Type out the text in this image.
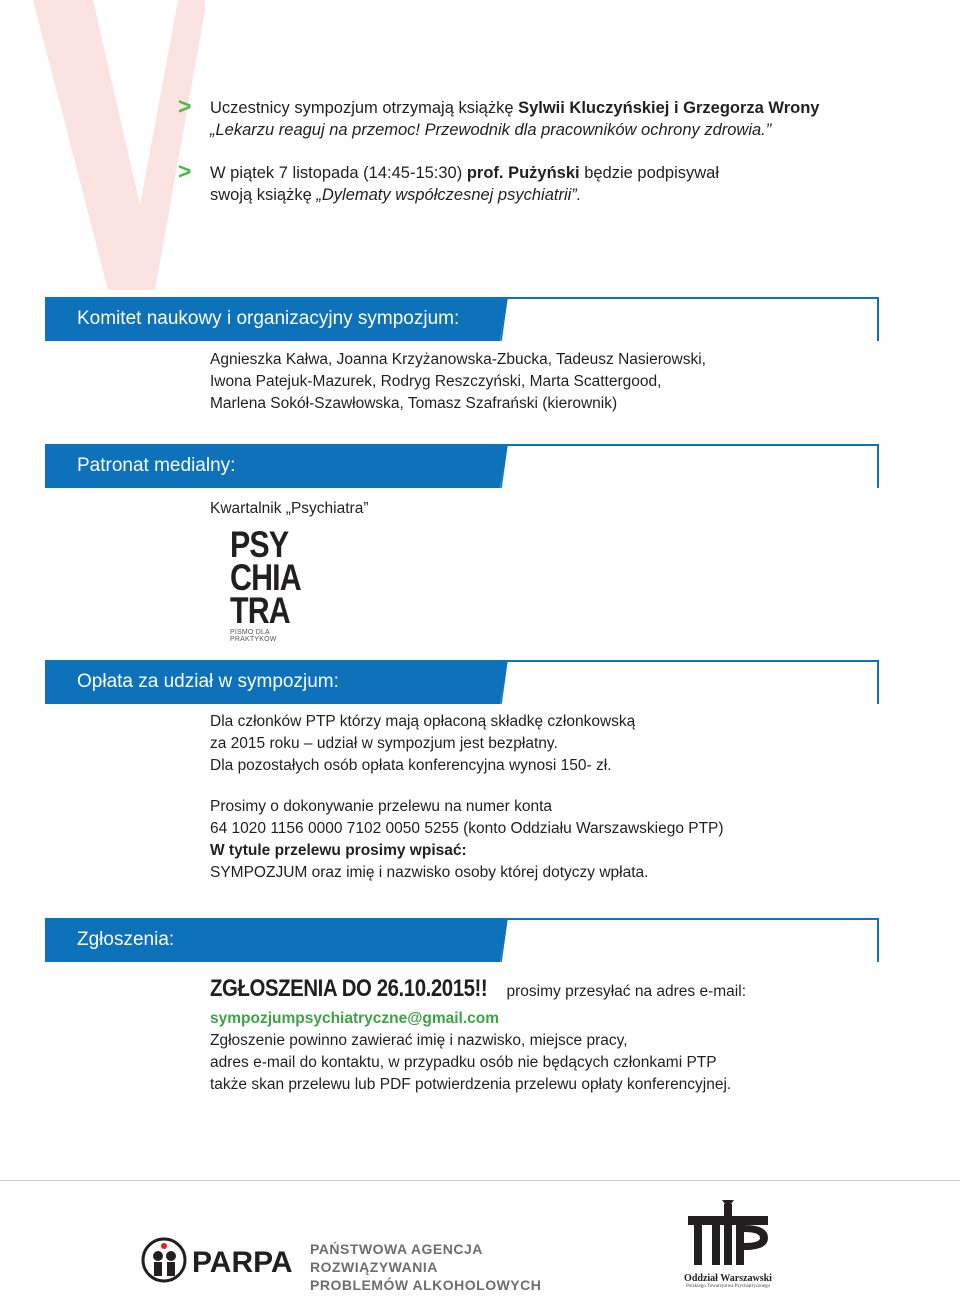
> Uczestnicy sympozjum otrzymają książkę Sylwii Kluczyńskiej i Grzegorza Wrony
„Lekarzu reaguj na przemoc! Przewodnik dla pracowników ochrony zdrowia.”
> W piątek 7 listopada (14:45-15:30) prof. Pużyński będzie podpisywał
swoją książkę „Dylematy współczesnej psychiatrii”.
Komitet naukowy i organizacyjny sympozjum:
Agnieszka Kałwa, Joanna Krzyżanowska-Zbucka, Tadeusz Nasierowski,
Iwona Patejuk-Mazurek, Rodryg Reszczyński, Marta Scattergood,
Marlena Sokół-Szawłowska, Tomasz Szafrański (kierownik)
Patronat medialny:
Kwartalnik „Psychiatra”
PSY
CHIA
TRA
PISMO DLA PRAKTYKÓW
Opłata za udział w sympozjum:
Dla członków PTP którzy mają opłaconą składkę członkowską
za 2015 roku – udział w sympozjum jest bezpłatny.
Dla pozostałych osób opłata konferencyjna wynosi 150- zł.
Prosimy o dokonywanie przelewu na numer konta
64 1020 1156 0000 7102 0050 5255 (konto Oddziału Warszawskiego PTP)
W tytule przelewu prosimy wpisać:
SYMPOZJUM oraz imię i nazwisko osoby której dotyczy wpłata.
Zgłoszenia:
ZGŁOSZENIA DO 26.10.2015!! prosimy przesyłać na adres e-mail:
sympozjumpsychiatryczne@gmail.com
Zgłoszenie powinno zawierać imię i nazwisko, miejsce pracy,
adres e-mail do kontaktu, w przypadku osób nie będących członkami PTP
także skan przelewu lub PDF potwierdzenia przelewu opłaty konferencyjnej.
PARPA PAŃSTWOWA AGENCJA ROZWIĄZYWANIA
PROBLEMÓW ALKOHOLOWYCH
PTP
Oddział Warszawski
Polskiego Towarzystwa Psychiatrycznego
